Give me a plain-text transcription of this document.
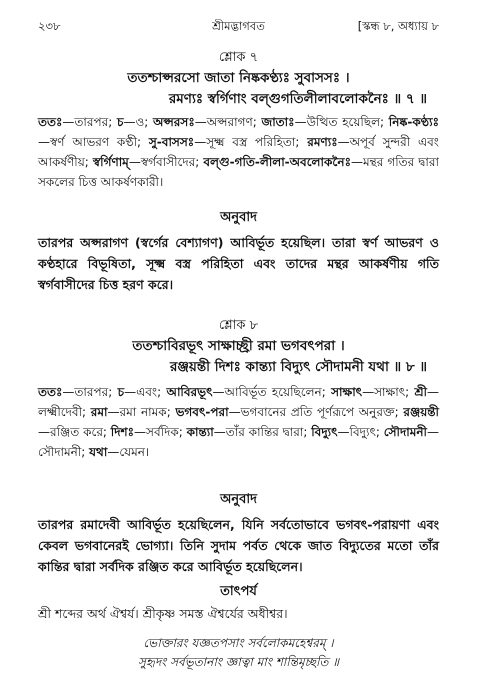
২৩৮	শ্রীমদ্ভাগবত	[স্কন্ধ ৮, অধ্যায় ৮
শ্লোক ৭
ততশ্চাপ্সরসো জাতা নিষ্ককণ্ঠ্যঃ সুবাসসঃ ।
রমণ্যঃ স্বর্গিণাং বল্গুগতিলীলাবলোকনৈঃ ॥ ৭ ॥
ততঃ—তারপর; চ—ও; অপ্সরসঃ—অপ্সরাগণ; জাতাঃ—উত্থিত হয়েছিল; নিষ্ক-কণ্ঠ্যঃ—স্বর্ণ আভরণ কণ্ঠী; সু-বাসসঃ—সূক্ষ্ম বস্ত্র পরিহিতা; রমণ্যঃ—অপূর্ব সুন্দরী এবং আকর্ষণীয়; স্বর্গিণাম্—স্বর্গবাসীদের; বল্গু-গতি-লীলা-অবলোকনৈঃ—মন্থর গতির দ্বারা সকলের চিত্ত আকর্ষণকারী।
অনুবাদ
তারপর অপ্সরাগণ (স্বর্গের বেশ্যাগণ) আবির্ভূত হয়েছিল। তারা স্বর্ণ আভরণ ও কণ্ঠহারে বিভূষিতা, সূক্ষ্ম বস্ত্র পরিহিতা এবং তাদের মন্থর আকর্ষণীয় গতি স্বর্গবাসীদের চিত্ত হরণ করে।
শ্লোক ৮
ততশ্চাবিরভূৎ সাক্ষাচ্ছ্রী রমা ভগবৎপরা ।
রঞ্জয়ন্তী দিশঃ কান্ত্যা বিদ্যুৎ সৌদামনী যথা ॥ ৮ ॥
ততঃ—তারপর; চ—এবং; আবিরভূৎ—আবির্ভূত হয়েছিলেন; সাক্ষাৎ—সাক্ষাৎ; শ্রী—লক্ষ্মীদেবী; রমা—রমা নামক; ভগবৎ-পরা—ভগবানের প্রতি পূর্ণরূপে অনুরক্ত; রঞ্জয়ন্তী—রঞ্জিত করে; দিশঃ—সর্বদিক; কান্ত্যা—তাঁর কান্তির দ্বারা; বিদ্যুৎ—বিদ্যুৎ; সৌদামনী—সৌদামনী; যথা—যেমন।
অনুবাদ
তারপর রমাদেবী আবির্ভূত হয়েছিলেন, যিনি সর্বতোভাবে ভগবৎ-পরায়ণা এবং কেবল ভগবানেরই ভোগ্যা। তিনি সুদাম পর্বত থেকে জাত বিদ্যুতের মতো তাঁর কান্তির দ্বারা সর্বদিক রঞ্জিত করে আবির্ভূত হয়েছিলেন।
তাৎপর্য
শ্রী শব্দের অর্থ ঐশ্বর্য। শ্রীকৃষ্ণ সমস্ত ঐশ্বর্যের অধীশ্বর।
ভোক্তারং যজ্ঞতপসাং সর্বলোকমহেশ্বরম্ ।
সুহৃদং সর্বভূতানাং জ্ঞাত্বা মাং শান্তিমৃচ্ছতি ॥
